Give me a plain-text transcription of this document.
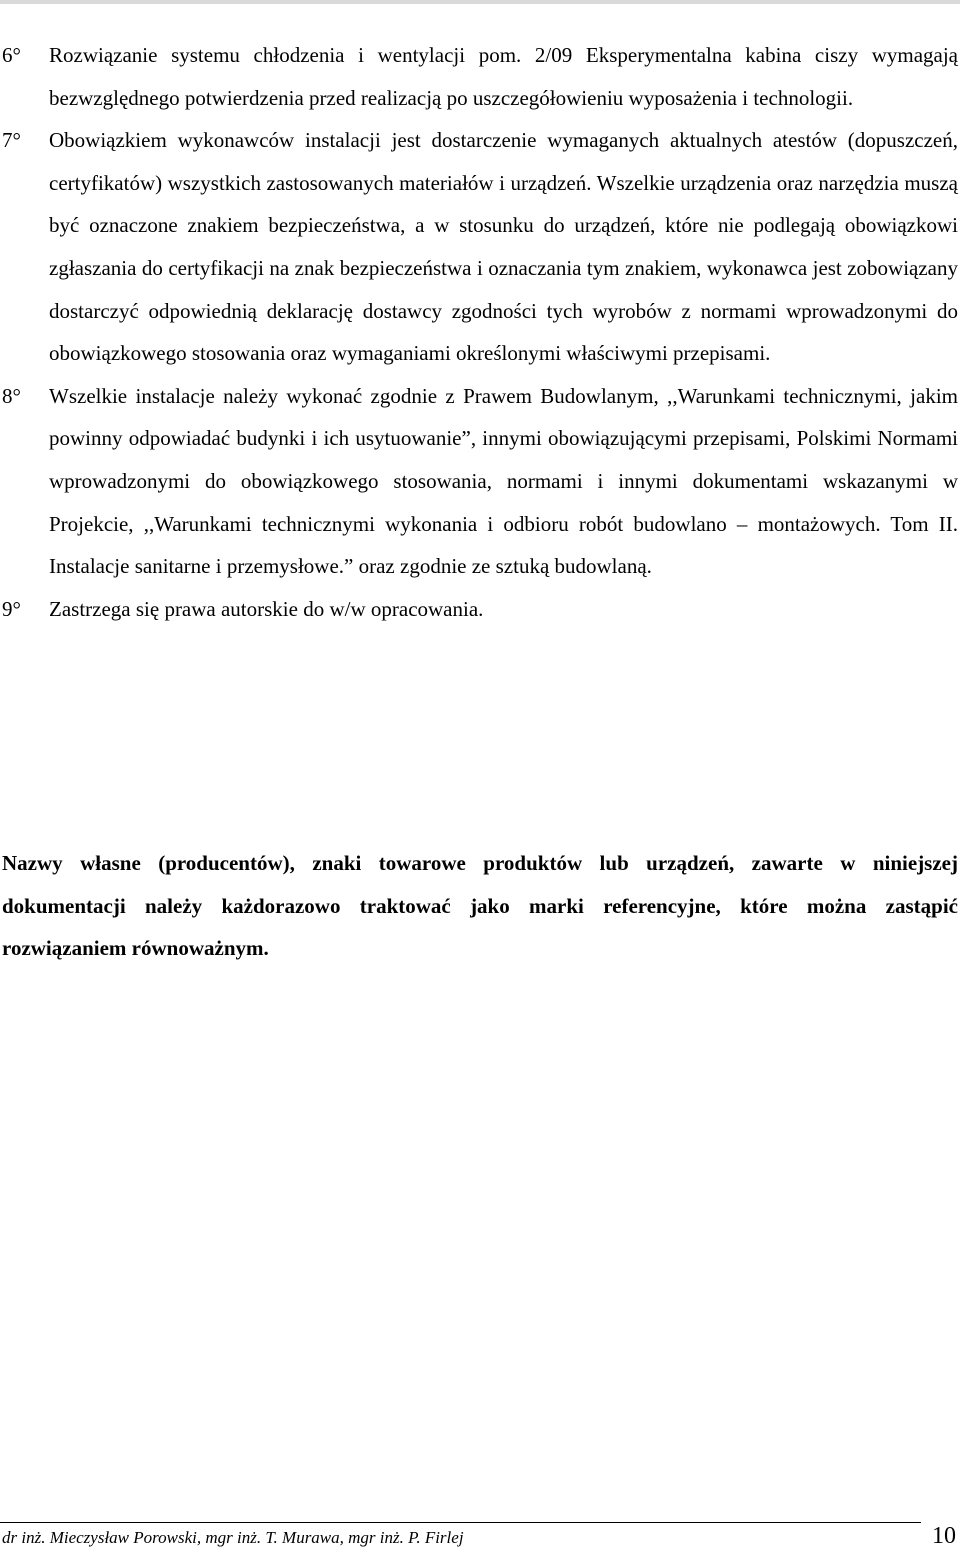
6° Rozwiązanie systemu chłodzenia i wentylacji pom. 2/09 Eksperymentalna kabina ciszy wymagają bezwzględnego potwierdzenia przed realizacją po uszczegółowieniu wyposażenia i technologii.
7° Obowiązkiem wykonawców instalacji jest dostarczenie wymaganych aktualnych atestów (dopuszczeń, certyfikatów) wszystkich zastosowanych materiałów i urządzeń. Wszelkie urządzenia oraz narzędzia muszą być oznaczone znakiem bezpieczeństwa, a w stosunku do urządzeń, które nie podlegają obowiązkowi zgłaszania do certyfikacji na znak bezpieczeństwa i oznaczania tym znakiem, wykonawca jest zobowiązany dostarczyć odpowiednią deklarację dostawcy zgodności tych wyrobów z normami wprowadzonymi do obowiązkowego stosowania oraz wymaganiami określonymi właściwymi przepisami.
8° Wszelkie instalacje należy wykonać zgodnie z Prawem Budowlanym, ,,Warunkami technicznymi, jakim powinny odpowiadać budynki i ich usytuowanie”, innymi obowiązującymi przepisami, Polskimi Normami wprowadzonymi do obowiązkowego stosowania, normami i innymi dokumentami wskazanymi w Projekcie, ,,Warunkami technicznymi wykonania i odbioru robót budowlano – montażowych. Tom II. Instalacje sanitarne i przemysłowe.” oraz zgodnie ze sztuką budowlaną.
9° Zastrzega się prawa autorskie do w/w opracowania.
Nazwy własne (producentów), znaki towarowe produktów lub urządzeń, zawarte w niniejszej dokumentacji należy każdorazowo traktować jako marki referencyjne, które można zastąpić rozwiązaniem równoważnym.
dr inż. Mieczysław Porowski, mgr inż. T. Murawa, mgr inż. P. Firlej	10
